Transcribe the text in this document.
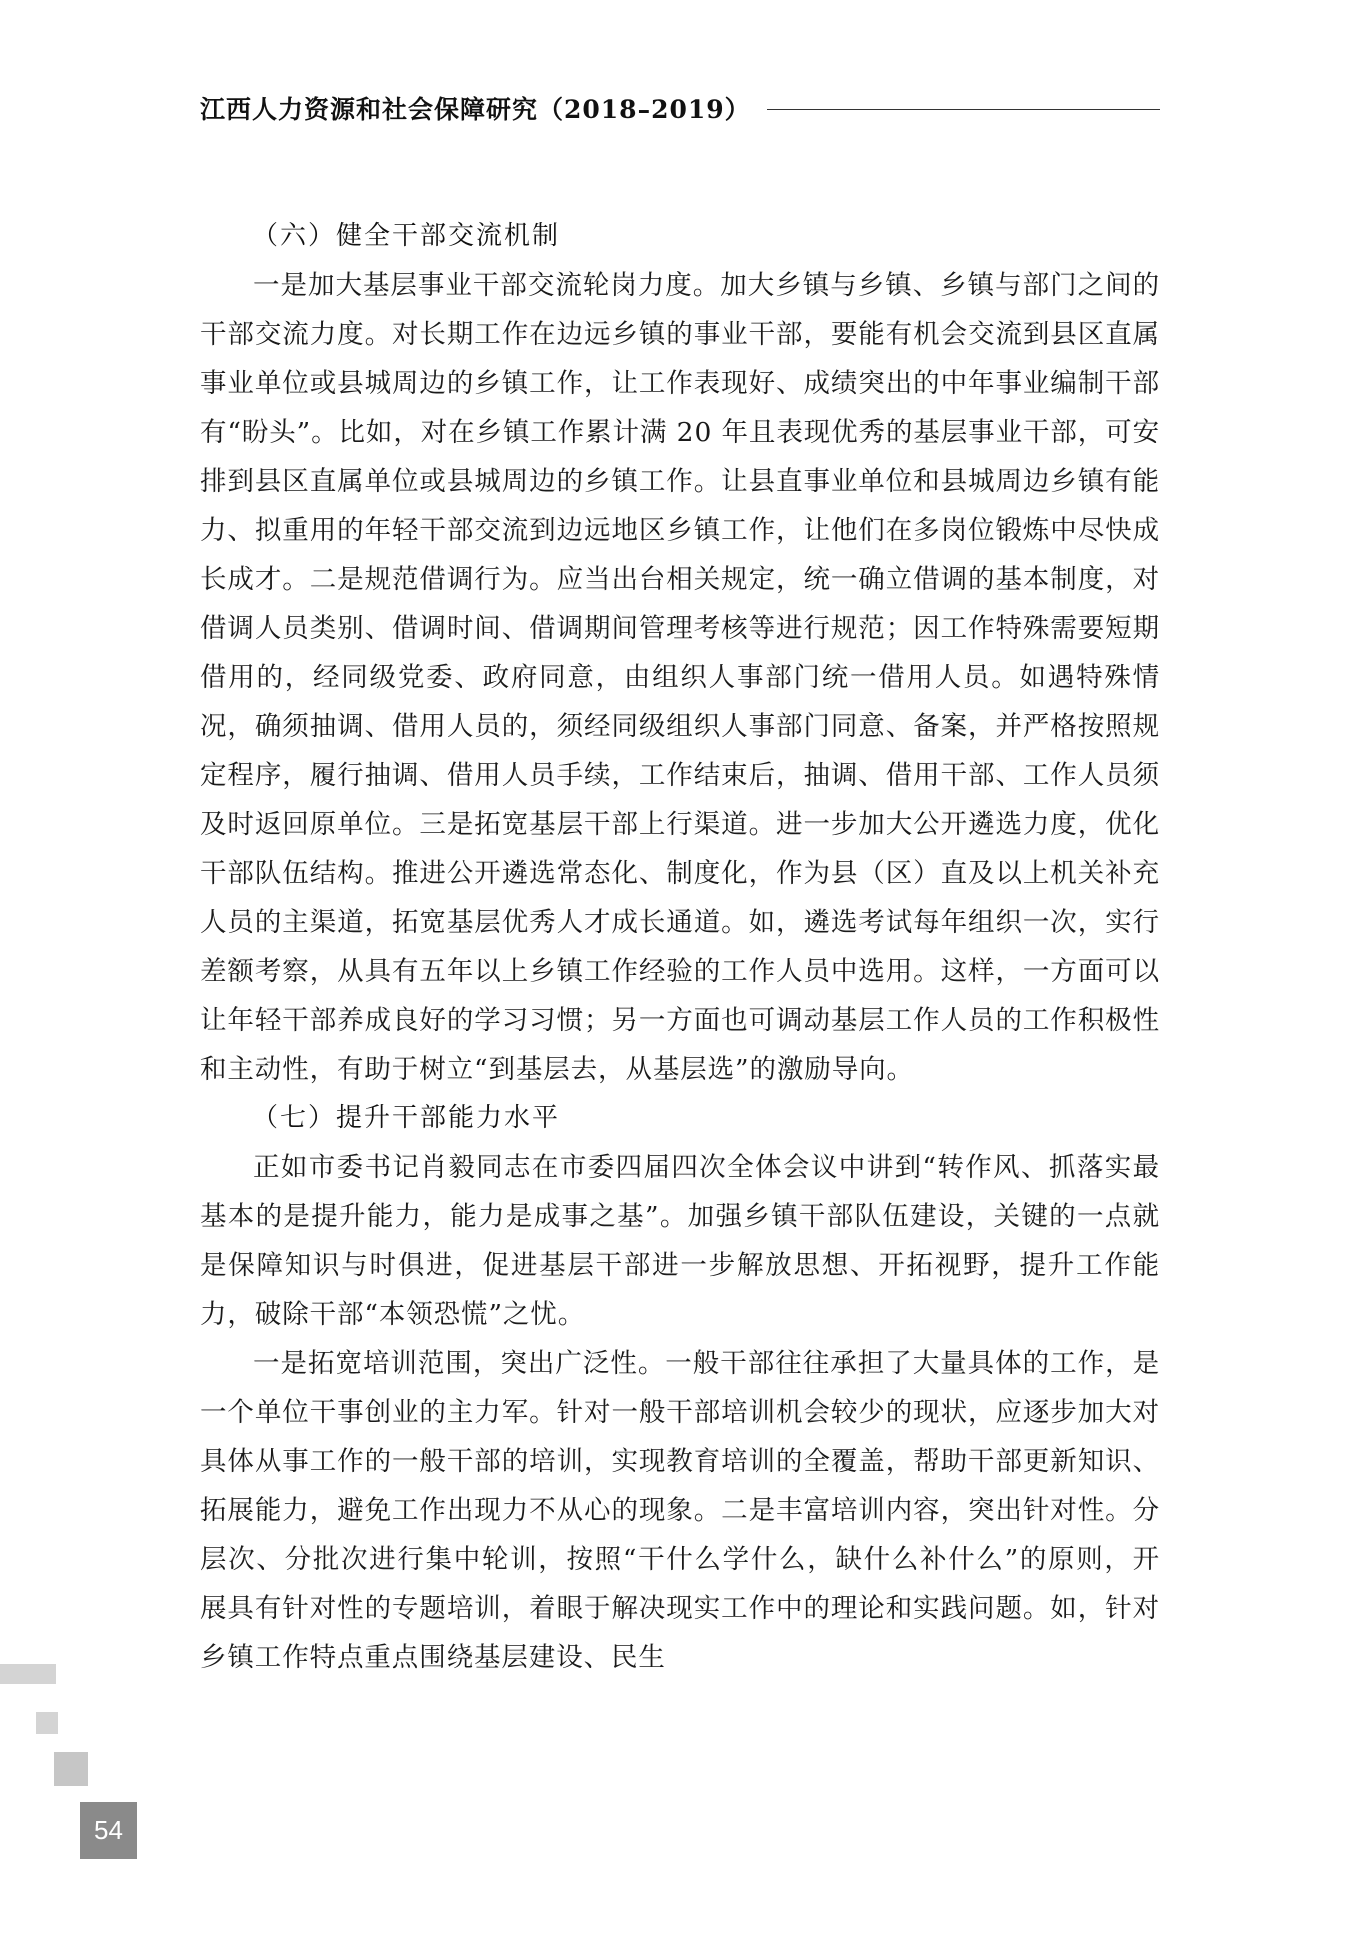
江西人力资源和社会保障研究（2018–2019）

（六）健全干部交流机制

一是加大基层事业干部交流轮岗力度。加大乡镇与乡镇、乡镇与部门之间的干部交流力度。对长期工作在边远乡镇的事业干部，要能有机会交流到县区直属事业单位或县城周边的乡镇工作，让工作表现好、成绩突出的中年事业编制干部有“盼头”。比如，对在乡镇工作累计满 20 年且表现优秀的基层事业干部，可安排到县区直属单位或县城周边的乡镇工作。让县直事业单位和县城周边乡镇有能力、拟重用的年轻干部交流到边远地区乡镇工作，让他们在多岗位锻炼中尽快成长成才。二是规范借调行为。应当出台相关规定，统一确立借调的基本制度，对借调人员类别、借调时间、借调期间管理考核等进行规范；因工作特殊需要短期借用的，经同级党委、政府同意，由组织人事部门统一借用人员。如遇特殊情况，确须抽调、借用人员的，须经同级组织人事部门同意、备案，并严格按照规定程序，履行抽调、借用人员手续，工作结束后，抽调、借用干部、工作人员须及时返回原单位。三是拓宽基层干部上行渠道。进一步加大公开遴选力度，优化干部队伍结构。推进公开遴选常态化、制度化，作为县（区）直及以上机关补充人员的主渠道，拓宽基层优秀人才成长通道。如，遴选考试每年组织一次，实行差额考察，从具有五年以上乡镇工作经验的工作人员中选用。这样，一方面可以让年轻干部养成良好的学习习惯；另一方面也可调动基层工作人员的工作积极性和主动性，有助于树立“到基层去，从基层选”的激励导向。

（七）提升干部能力水平

正如市委书记肖毅同志在市委四届四次全体会议中讲到“转作风、抓落实最基本的是提升能力，能力是成事之基”。加强乡镇干部队伍建设，关键的一点就是保障知识与时俱进，促进基层干部进一步解放思想、开拓视野，提升工作能力，破除干部“本领恐慌”之忧。

一是拓宽培训范围，突出广泛性。一般干部往往承担了大量具体的工作，是一个单位干事创业的主力军。针对一般干部培训机会较少的现状，应逐步加大对具体从事工作的一般干部的培训，实现教育培训的全覆盖，帮助干部更新知识、拓展能力，避免工作出现力不从心的现象。二是丰富培训内容，突出针对性。分层次、分批次进行集中轮训，按照“干什么学什么，缺什么补什么”的原则，开展具有针对性的专题培训，着眼于解决现实工作中的理论和实践问题。如，针对乡镇工作特点重点围绕基层建设、民生

54
